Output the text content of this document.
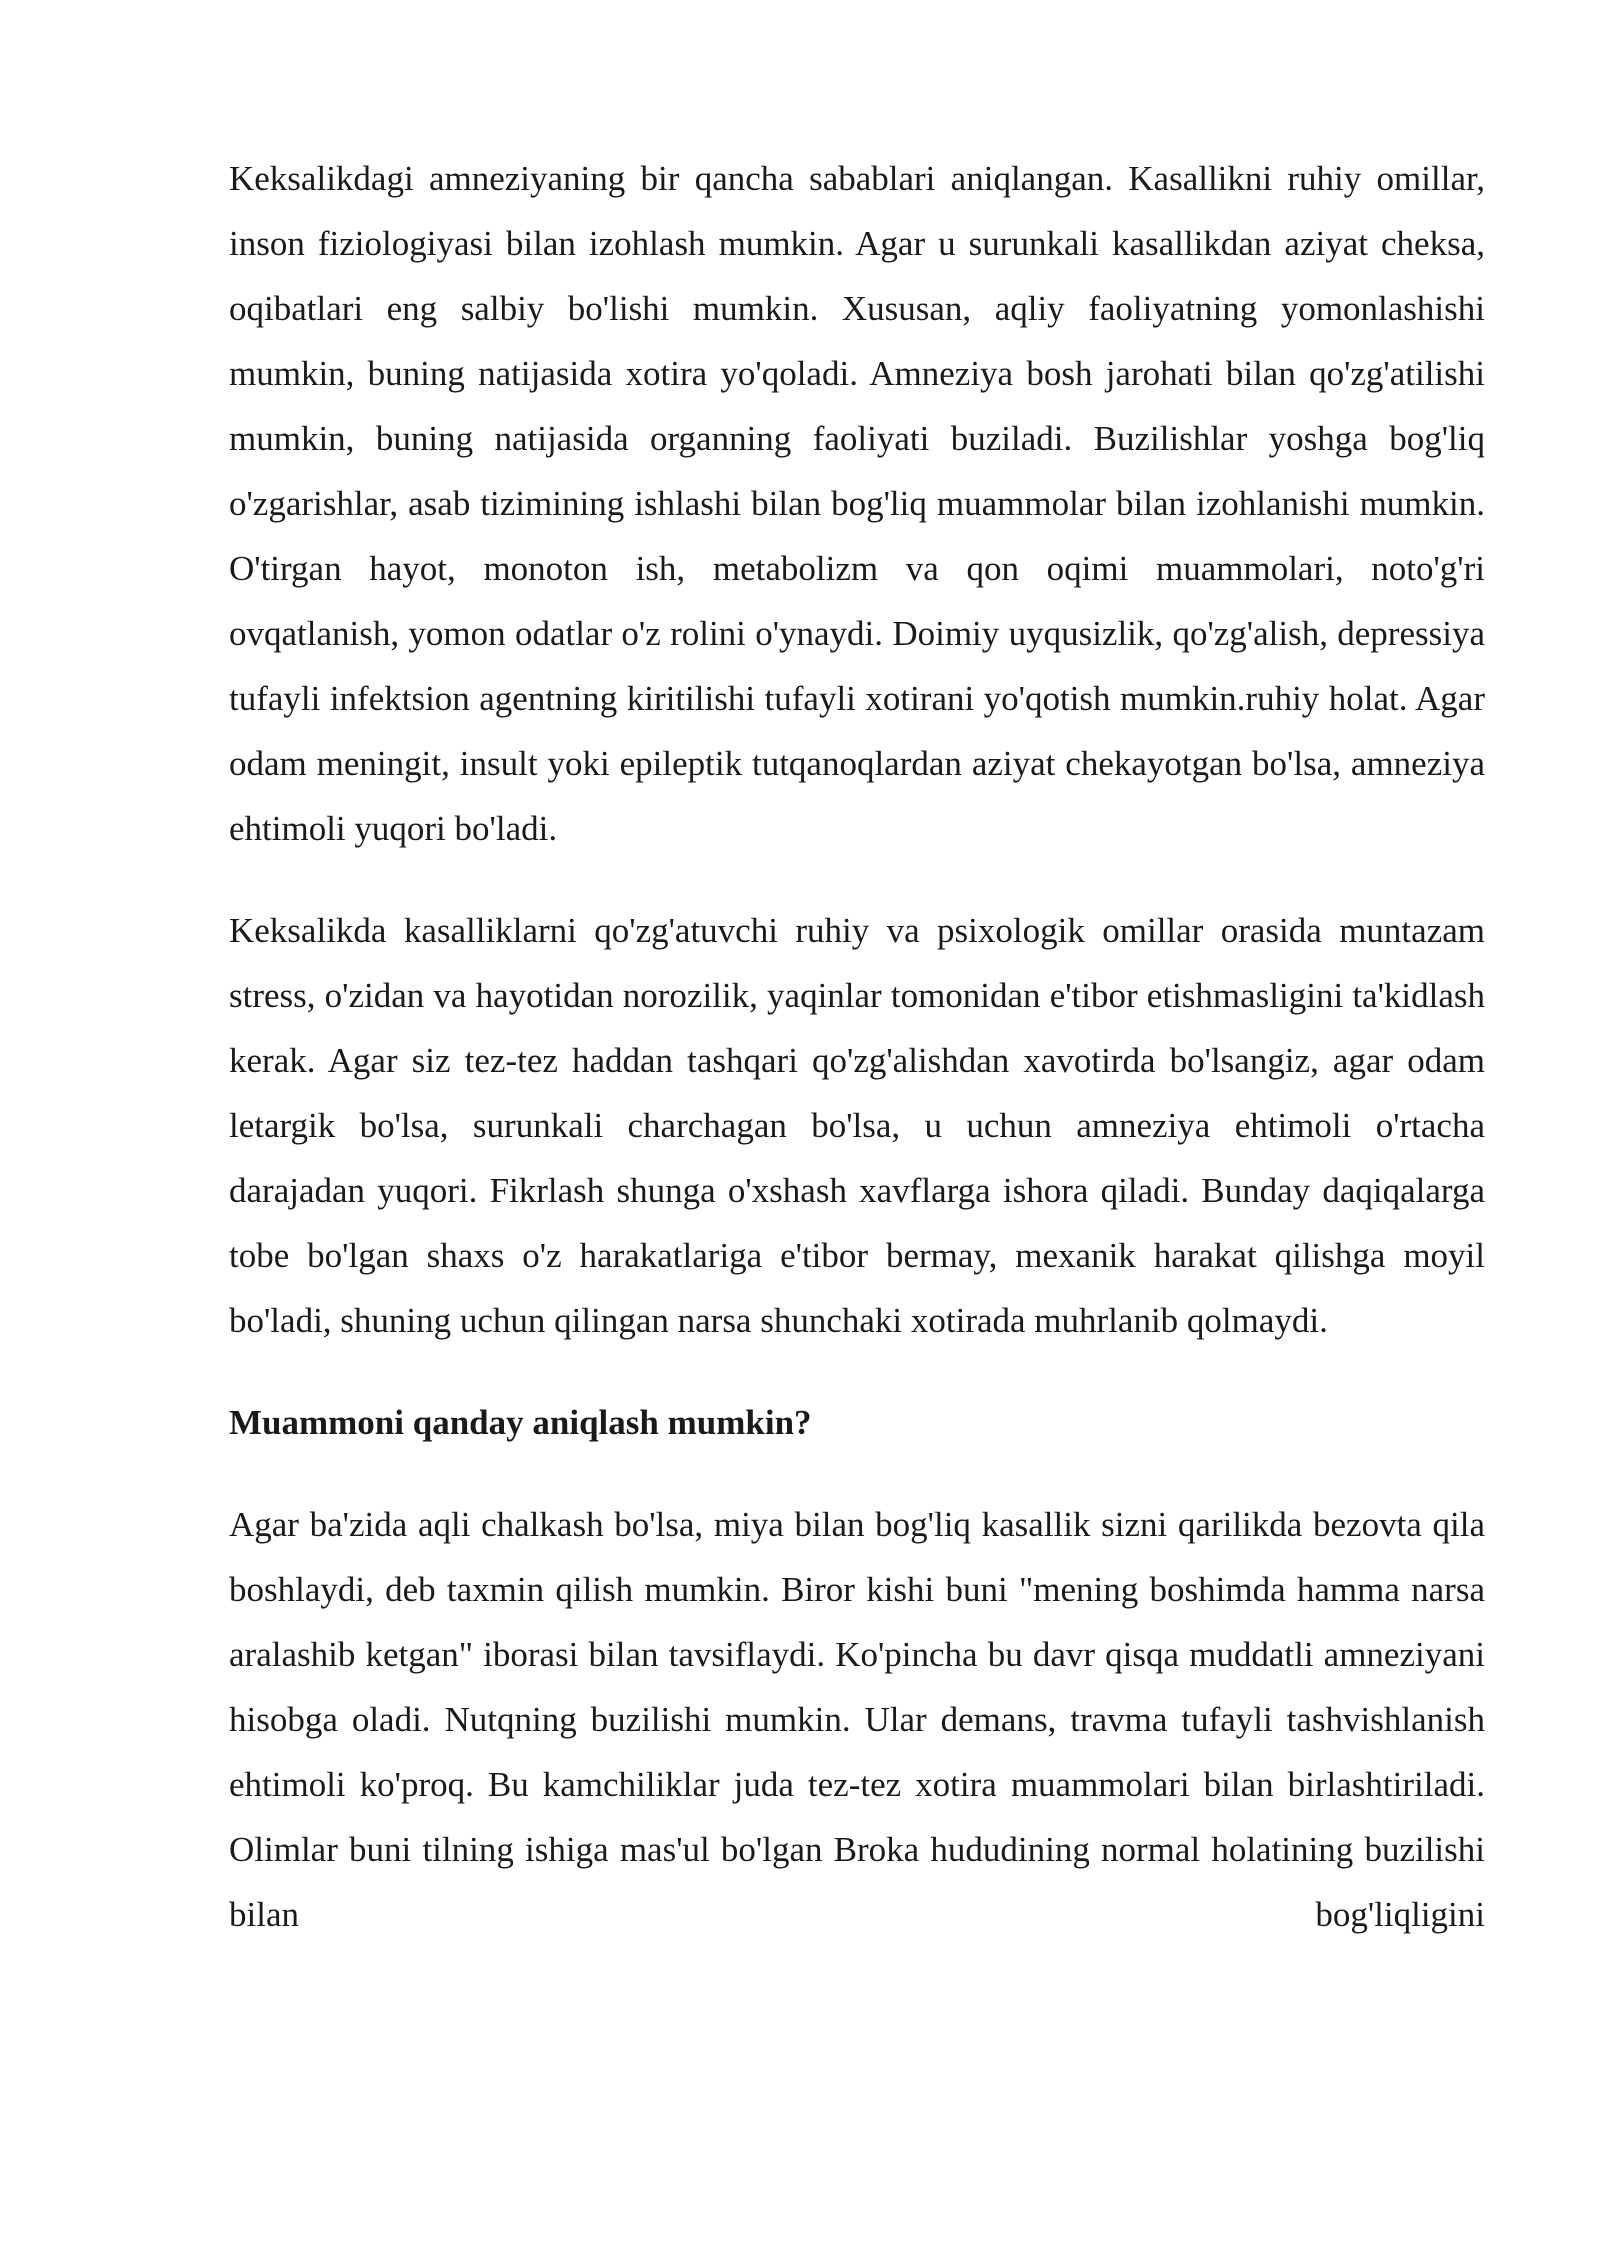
Keksalikdagi amneziyaning bir qancha sabablari aniqlangan. Kasallikni ruhiy omillar, inson fiziologiyasi bilan izohlash mumkin. Agar u surunkali kasallikdan aziyat cheksa, oqibatlari eng salbiy bo'lishi mumkin. Xususan, aqliy faoliyatning yomonlashishi mumkin, buning natijasida xotira yo'qoladi. Amneziya bosh jarohati bilan qo'zg'atilishi mumkin, buning natijasida organning faoliyati buziladi. Buzilishlar yoshga bog'liq o'zgarishlar, asab tizimining ishlashi bilan bog'liq muammolar bilan izohlanishi mumkin. O'tirgan hayot, monoton ish, metabolizm va qon oqimi muammolari, noto'g'ri ovqatlanish, yomon odatlar o'z rolini o'ynaydi. Doimiy uyqusizlik, qo'zg'alish, depressiya tufayli infektsion agentning kiritilishi tufayli xotirani yo'qotish mumkin.ruhiy holat. Agar odam meningit, insult yoki epileptik tutqanoqlardan aziyat chekayotgan bo'lsa, amneziya ehtimoli yuqori bo'ladi.

Keksalikda kasalliklarni qo'zg'atuvchi ruhiy va psixologik omillar orasida muntazam stress, o'zidan va hayotidan norozilik, yaqinlar tomonidan e'tibor etishmasligini ta'kidlash kerak. Agar siz tez-tez haddan tashqari qo'zg'alishdan xavotirda bo'lsangiz, agar odam letargik bo'lsa, surunkali charchagan bo'lsa, u uchun amneziya ehtimoli o'rtacha darajadan yuqori. Fikrlash shunga o'xshash xavflarga ishora qiladi. Bunday daqiqalarga tobe bo'lgan shaxs o'z harakatlariga e'tibor bermay, mexanik harakat qilishga moyil bo'ladi, shuning uchun qilingan narsa shunchaki xotirada muhrlanib qolmaydi.

Muammoni qanday aniqlash mumkin?

Agar ba'zida aqli chalkash bo'lsa, miya bilan bog'liq kasallik sizni qarilikda bezovta qila boshlaydi, deb taxmin qilish mumkin. Biror kishi buni "mening boshimda hamma narsa aralashib ketgan" iborasi bilan tavsiflaydi. Ko'pincha bu davr qisqa muddatli amneziyani hisobga oladi. Nutqning buzilishi mumkin. Ular demans, travma tufayli tashvishlanish ehtimoli ko'proq. Bu kamchiliklar juda tez-tez xotira muammolari bilan birlashtiriladi. Olimlar buni tilning ishiga mas'ul bo'lgan Broka hududining normal holatining buzilishi bilan bog'liqligini
